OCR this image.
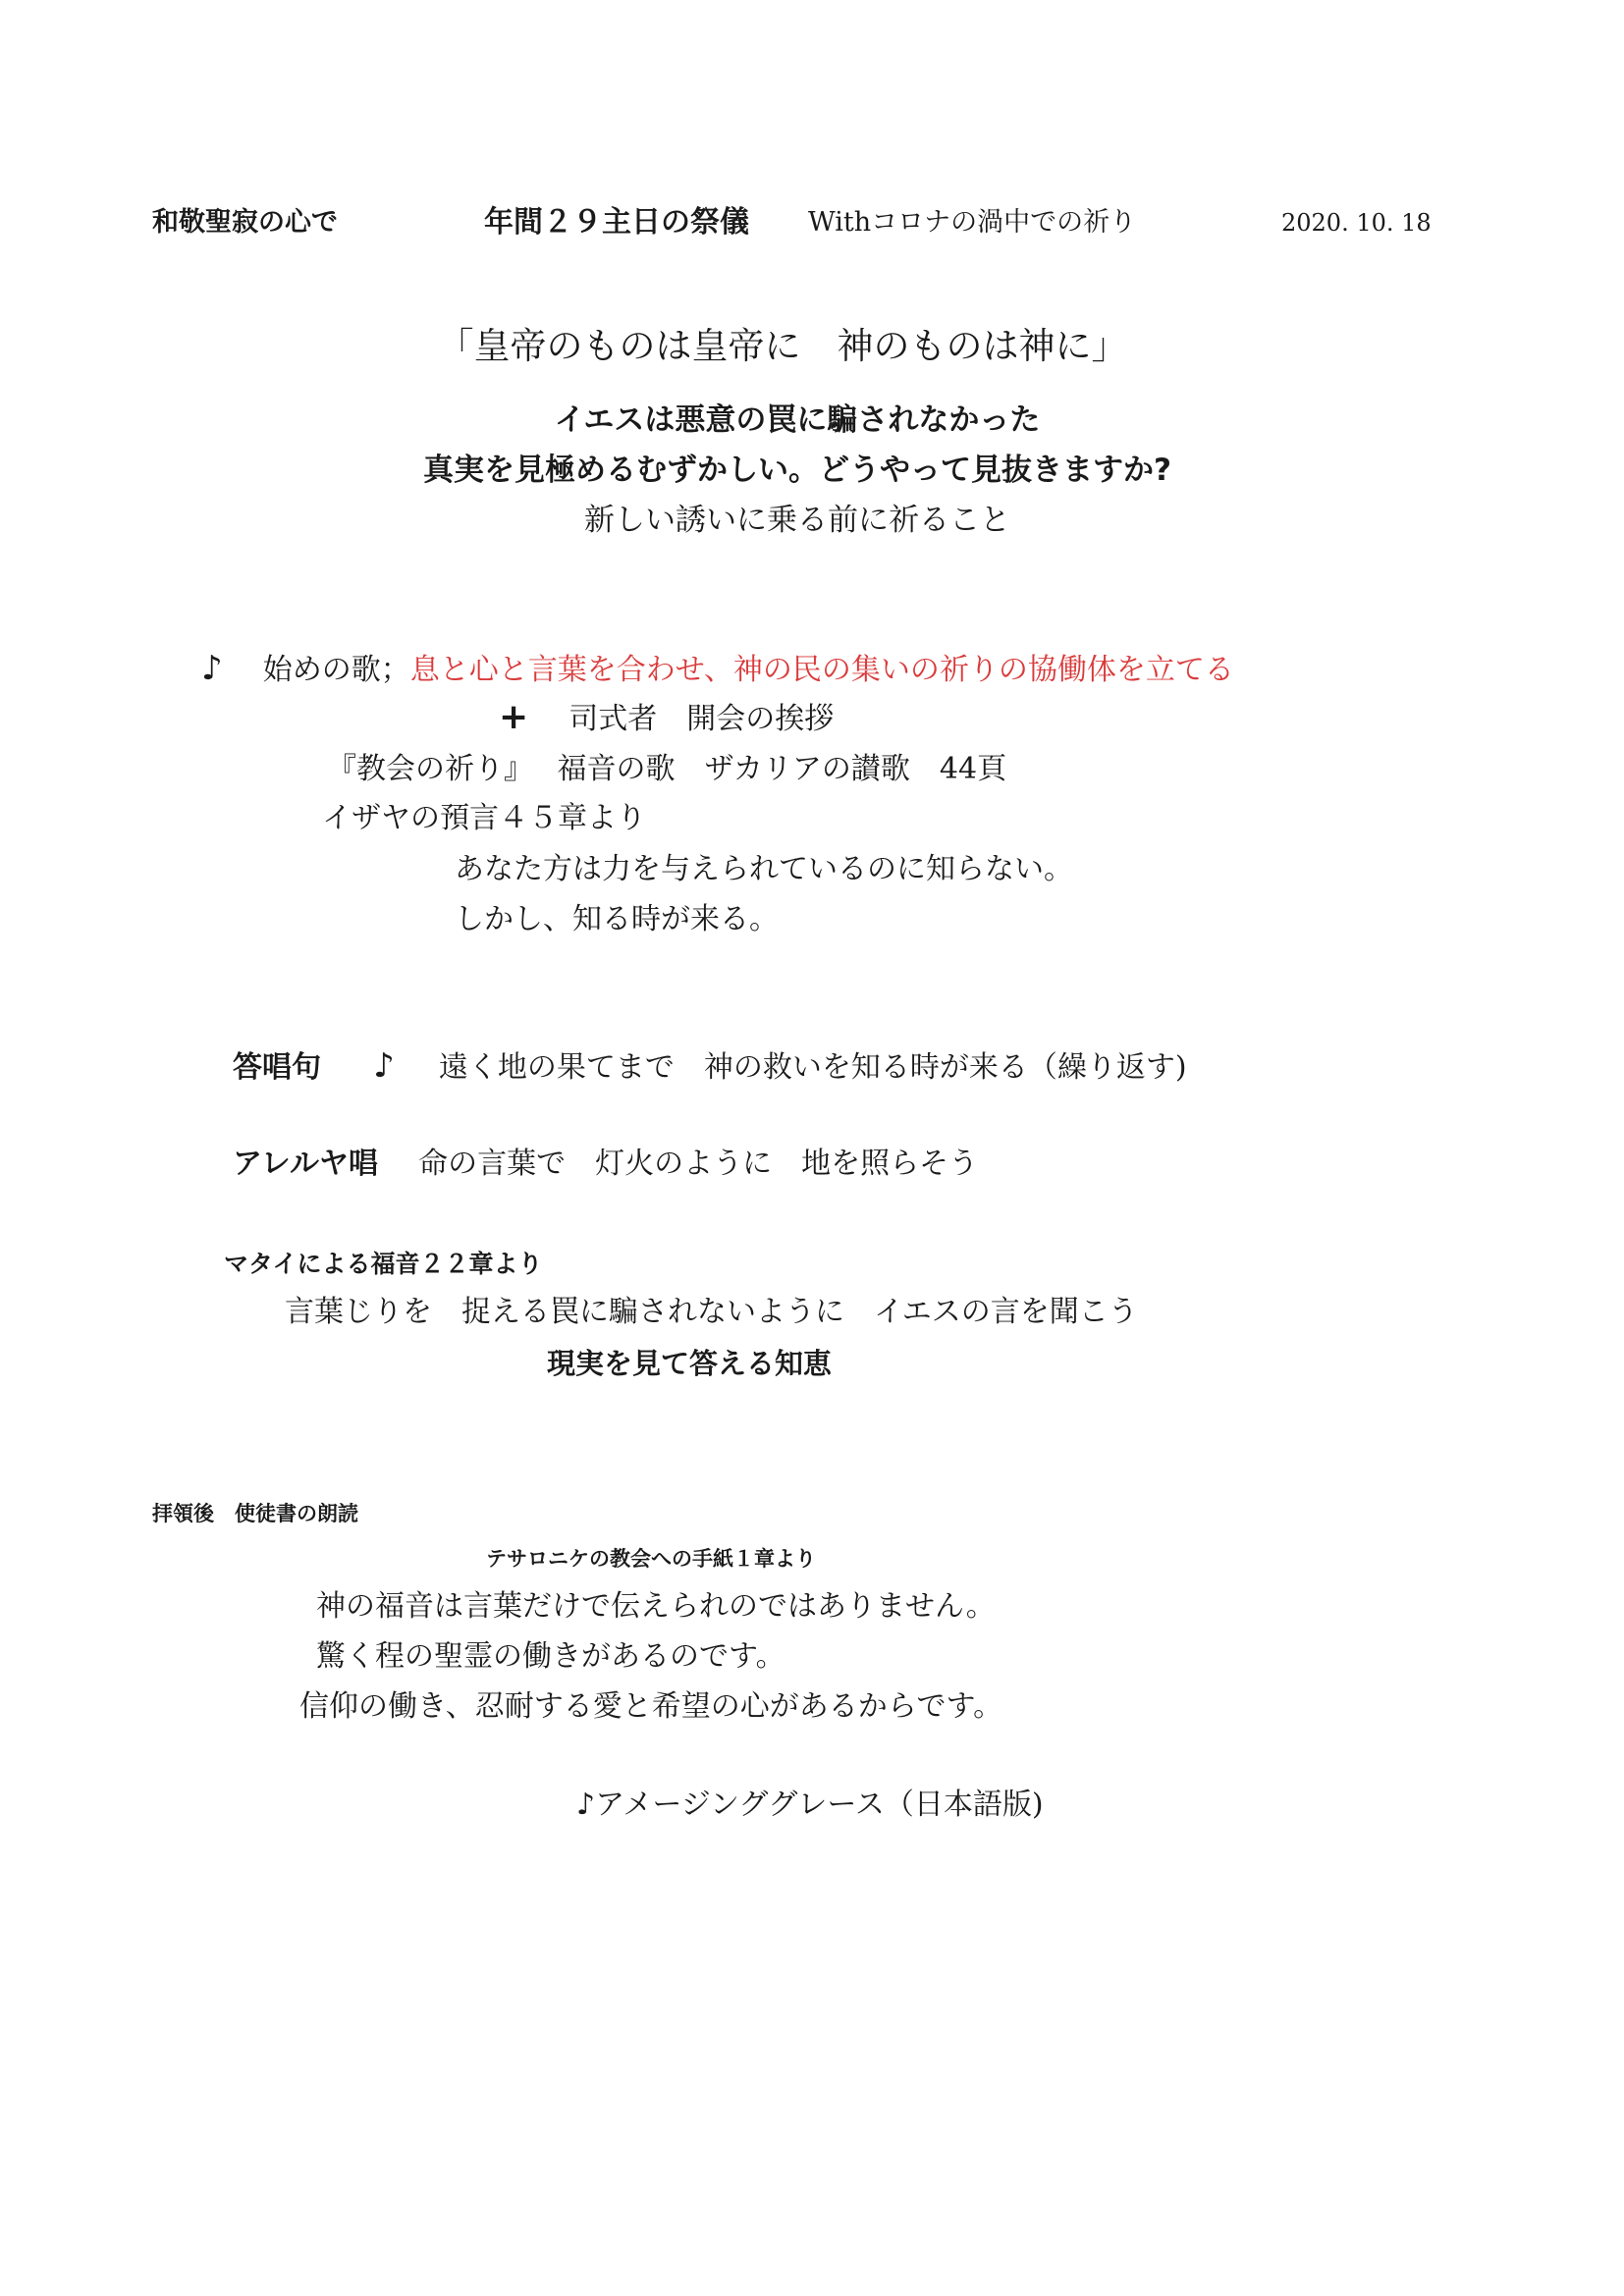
和敬聖寂の心で	年間２９主日の祭儀 Withコロナの渦中での祈り	2020. 10. 18
「皇帝のものは皇帝に　神のものは神に」
イエスは悪意の罠に騙されなかった
真実を見極めるむずかしい。どうやって見抜きますか?
新しい誘いに乗る前に祈ること
♪ 始めの歌；息と心と言葉を合わせ、神の民の集いの祈りの協働体を立てる
+ 司式者　開会の挨拶
『教会の祈り』　 福音の歌　ザカリアの讃歌　44頁
イザヤの預言４５章より
あなた方は力を与えられているのに知らない。
しかし、知る時が来る。
答唱句 ♪ 遠く地の果てまで　神の救いを知る時が来る（繰り返す)
アレルヤ唱 命の言葉で　灯火のように　地を照らそう
マタイによる福音２２章より
言葉じりを　捉える罠に騙されないように　イエスの言を聞こう
現実を見て答える知恵
拝領後　使徒書の朗読
テサロニケの教会への手紙１章より
神の福音は言葉だけで伝えられのではありません。
驚く程の聖霊の働きがあるのです。
信仰の働き、忍耐する愛と希望の心があるからです。
♪アメージンググレース（日本語版)
